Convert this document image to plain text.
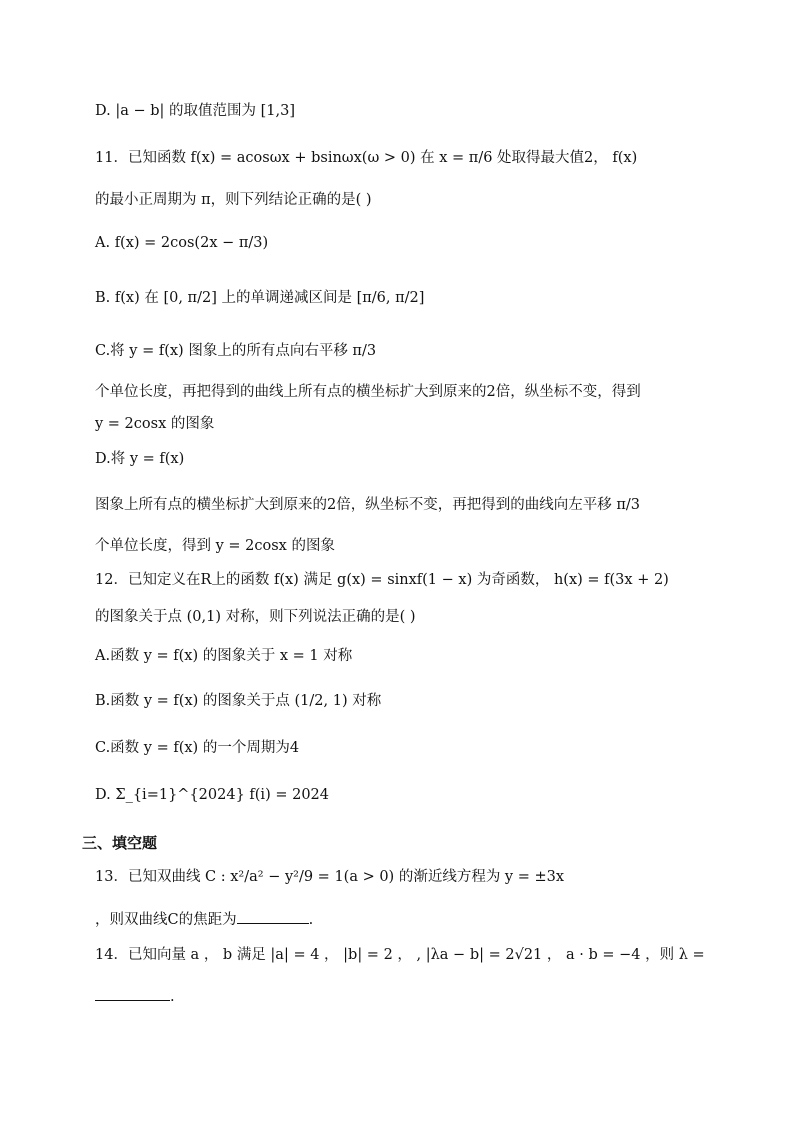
D. |a − b| 的取值范围为 [1,3]
11．已知函数 f(x) = acosωx + bsinωx(ω > 0) 在 x = π/6 处取得最大值2， f(x)
的最小正周期为 π，则下列结论正确的是( )
A. f(x) = 2cos(2x − π/3)
B. f(x) 在 [0, π/2] 上的单调递减区间是 [π/6, π/2]
C.将 y = f(x) 图象上的所有点向右平移 π/3
个单位长度，再把得到的曲线上所有点的横坐标扩大到原来的2倍，纵坐标不变，得到
y = 2cosx 的图象
D.将 y = f(x)
图象上所有点的横坐标扩大到原来的2倍，纵坐标不变，再把得到的曲线向左平移 π/3
个单位长度，得到 y = 2cosx 的图象
12．已知定义在R上的函数 f(x) 满足 g(x) = sinxf(1 − x) 为奇函数， h(x) = f(3x + 2)
的图象关于点 (0,1) 对称，则下列说法正确的是( )
A.函数 y = f(x) 的图象关于 x = 1 对称
B.函数 y = f(x) 的图象关于点 (1/2, 1) 对称
C.函数 y = f(x) 的一个周期为4
D. Σ_{i=1}^{2024} f(i) = 2024
三、填空题
13．已知双曲线 C : x²/a² − y²/9 = 1(a > 0) 的渐近线方程为 y = ±3x
，则双曲线C的焦距为	.
14．已知向量 a ， b 满足 |a| = 4 ， |b| = 2 ， , |λa − b| = 2√21 ， a · b = −4 ，则 λ =
.
